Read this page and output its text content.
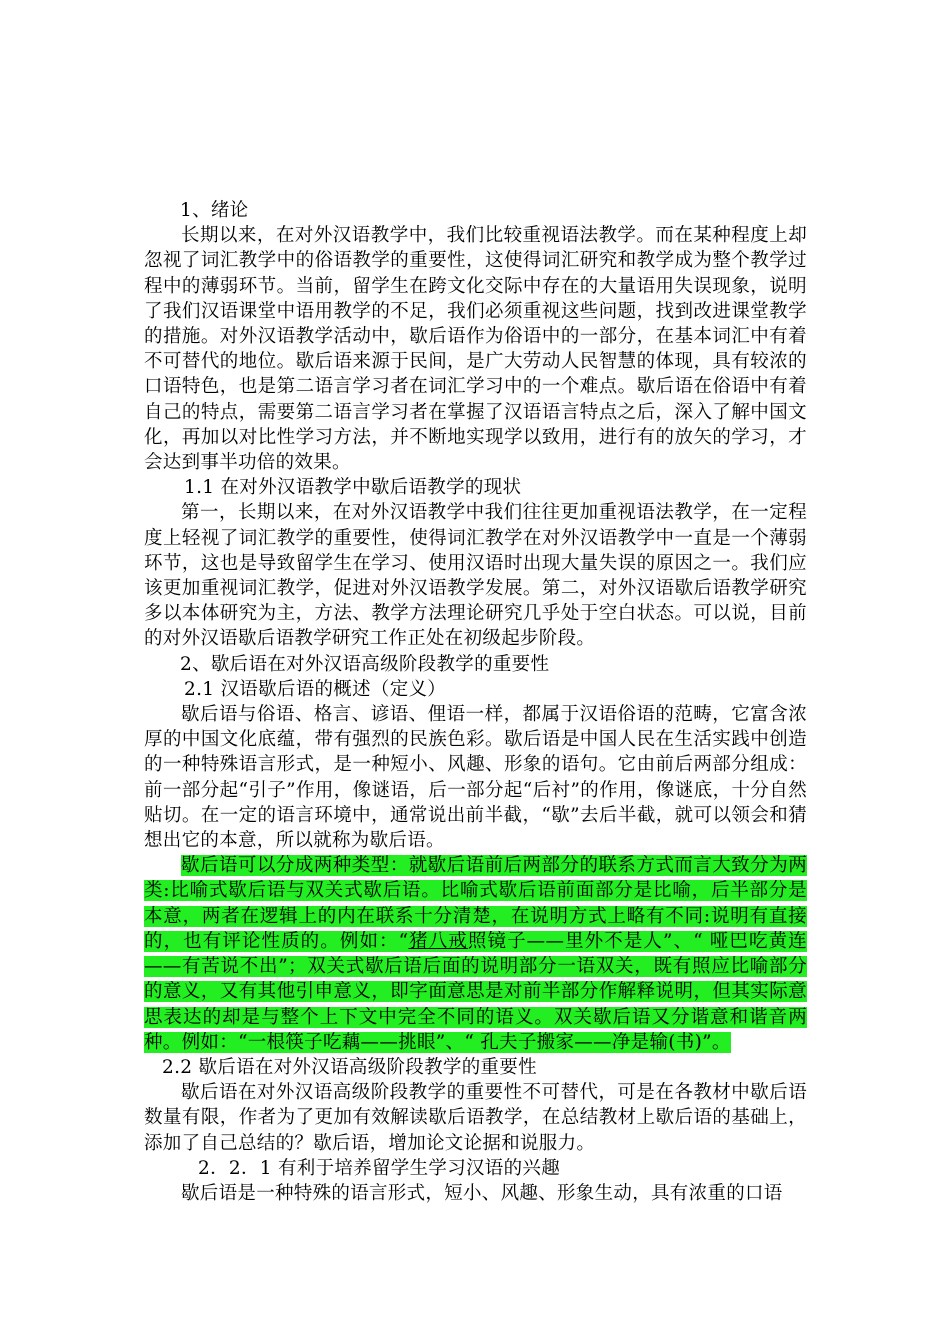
1、绪论

长期以来，在对外汉语教学中，我们比较重视语法教学。而在某种程度上却忽视了词汇教学中的俗语教学的重要性，这使得词汇研究和教学成为整个教学过程中的薄弱环节。当前，留学生在跨文化交际中存在的大量语用失误现象，说明了我们汉语课堂中语用教学的不足，我们必须重视这些问题，找到改进课堂教学的措施。对外汉语教学活动中，歇后语作为俗语中的一部分，在基本词汇中有着不可替代的地位。歇后语来源于民间，是广大劳动人民智慧的体现，具有较浓的口语特色，也是第二语言学习者在词汇学习中的一个难点。歇后语在俗语中有着自己的特点，需要第二语言学习者在掌握了汉语语言特点之后，深入了解中国文化，再加以对比性学习方法，并不断地实现学以致用，进行有的放矢的学习，才会达到事半功倍的效果。

1.1 在对外汉语教学中歇后语教学的现状

第一，长期以来，在对外汉语教学中我们往往更加重视语法教学，在一定程度上轻视了词汇教学的重要性，使得词汇教学在对外汉语教学中一直是一个薄弱环节，这也是导致留学生在学习、使用汉语时出现大量失误的原因之一。我们应该更加重视词汇教学，促进对外汉语教学发展。第二，对外汉语歇后语教学研究多以本体研究为主，方法、教学方法理论研究几乎处于空白状态。可以说，目前的对外汉语歇后语教学研究工作正处在初级起步阶段。

2、歇后语在对外汉语高级阶段教学的重要性

2.1 汉语歇后语的概述（定义）

歇后语与俗语、格言、谚语、俚语一样，都属于汉语俗语的范畴，它富含浓厚的中国文化底蕴，带有强烈的民族色彩。歇后语是中国人民在生活实践中创造的一种特殊语言形式，是一种短小、风趣、形象的语句。它由前后两部分组成：前一部分起“引子”作用，像谜语，后一部分起“后衬”的作用，像谜底，十分自然贴切。在一定的语言环境中，通常说出前半截，“歇”去后半截，就可以领会和猜想出它的本意，所以就称为歇后语。

歇后语可以分成两种类型：就歇后语前后两部分的联系方式而言大致分为两类:比喻式歇后语与双关式歇后语。比喻式歇后语前面部分是比喻，后半部分是本意，两者在逻辑上的内在联系十分清楚，在说明方式上略有不同:说明有直接的，也有评论性质的。例如：“猪八戒照镜子——里外不是人”、“ 哑巴吃黄连——有苦说不出”；双关式歇后语后面的说明部分一语双关，既有照应比喻部分的意义，又有其他引申意义，即字面意思是对前半部分作解释说明，但其实际意思表达的却是与整个上下文中完全不同的语义。双关歇后语又分谐意和谐音两种。例如：“一根筷子吃藕——挑眼”、“ 孔夫子搬家——净是输(书)”。

2.2 歇后语在对外汉语高级阶段教学的重要性

歇后语在对外汉语高级阶段教学的重要性不可替代，可是在各教材中歇后语数量有限，作者为了更加有效解读歇后语教学，在总结教材上歇后语的基础上，添加了自己总结的？歇后语，增加论文论据和说服力。

2．2．1 有利于培养留学生学习汉语的兴趣

歇后语是一种特殊的语言形式，短小、风趣、形象生动，具有浓重的口语
